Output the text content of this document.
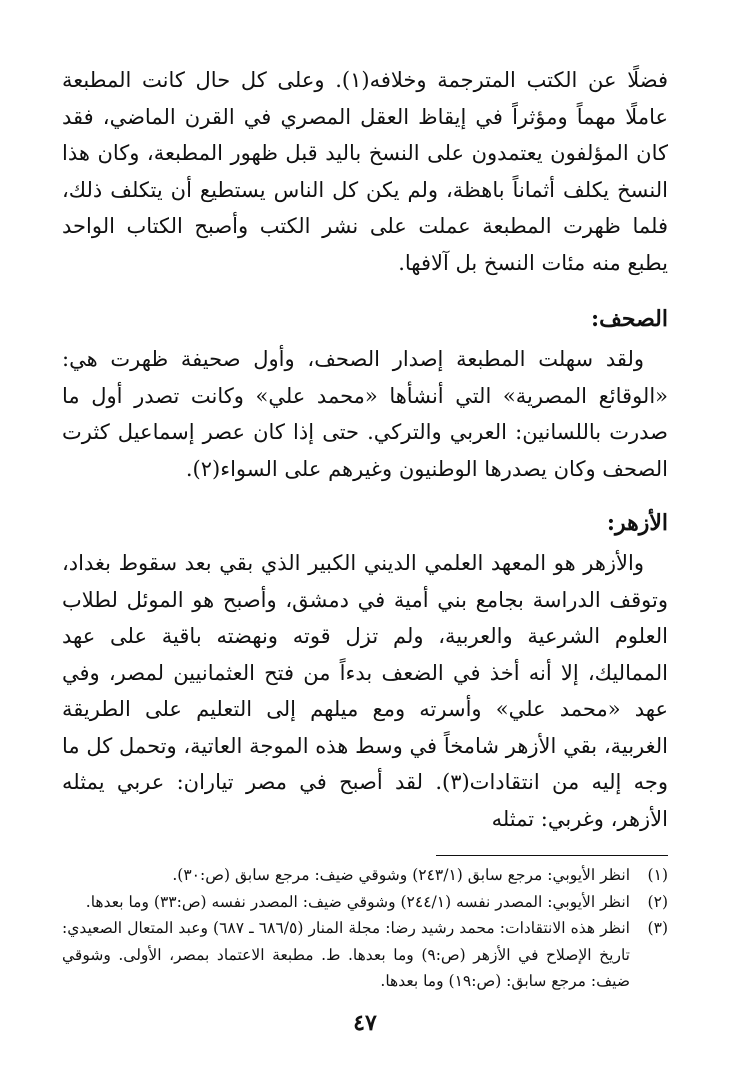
فضلًا عن الكتب المترجمة وخلافه(١). وعلى كل حال كانت المطبعة عاملًا مهماً ومؤثراً في إيقاظ العقل المصري في القرن الماضي، فقد كان المؤلفون يعتمدون على النسخ باليد قبل ظهور المطبعة، وكان هذا النسخ يكلف أثماناً باهظة، ولم يكن كل الناس يستطيع أن يتكلف ذلك، فلما ظهرت المطبعة عملت على نشر الكتب وأصبح الكتاب الواحد يطبع منه مئات النسخ بل آلافها.

الصحف:

ولقد سهلت المطبعة إصدار الصحف، وأول صحيفة ظهرت هي: «الوقائع المصرية» التي أنشأها «محمد علي» وكانت تصدر أول ما صدرت باللسانين: العربي والتركي. حتى إذا كان عصر إسماعيل كثرت الصحف وكان يصدرها الوطنيون وغيرهم على السواء(٢).

الأزهر:

والأزهر هو المعهد العلمي الديني الكبير الذي بقي بعد سقوط بغداد، وتوقف الدراسة بجامع بني أمية في دمشق، وأصبح هو الموئل لطلاب العلوم الشرعية والعربية، ولم تزل قوته ونهضته باقية على عهد المماليك، إلا أنه أخذ في الضعف بدءاً من فتح العثمانيين لمصر، وفي عهد «محمد علي» وأسرته ومع ميلهم إلى التعليم على الطريقة الغربية، بقي الأزهر شامخاً في وسط هذه الموجة العاتية، وتحمل كل ما وجه إليه من انتقادات(٣). لقد أصبح في مصر تياران: عربي يمثله الأزهر، وغربي: تمثله

(١)
انظر الأيوبي: مرجع سابق (٢٤٣/١) وشوقي ضيف: مرجع سابق (ص:٣٠).
(٢)
انظر الأيوبي: المصدر نفسه (٢٤٤/١) وشوقي ضيف: المصدر نفسه (ص:٣٣) وما بعدها.
(٣)
انظر هذه الانتقادات: محمد رشيد رضا: مجلة المنار (٦٨٦/٥ ـ ٦٨٧) وعبد المتعال الصعيدي: تاريخ الإصلاح في الأزهر (ص:٩) وما بعدها. ط. مطبعة الاعتماد بمصر، الأولى. وشوقي ضيف: مرجع سابق: (ص:١٩) وما بعدها.
٤٧
